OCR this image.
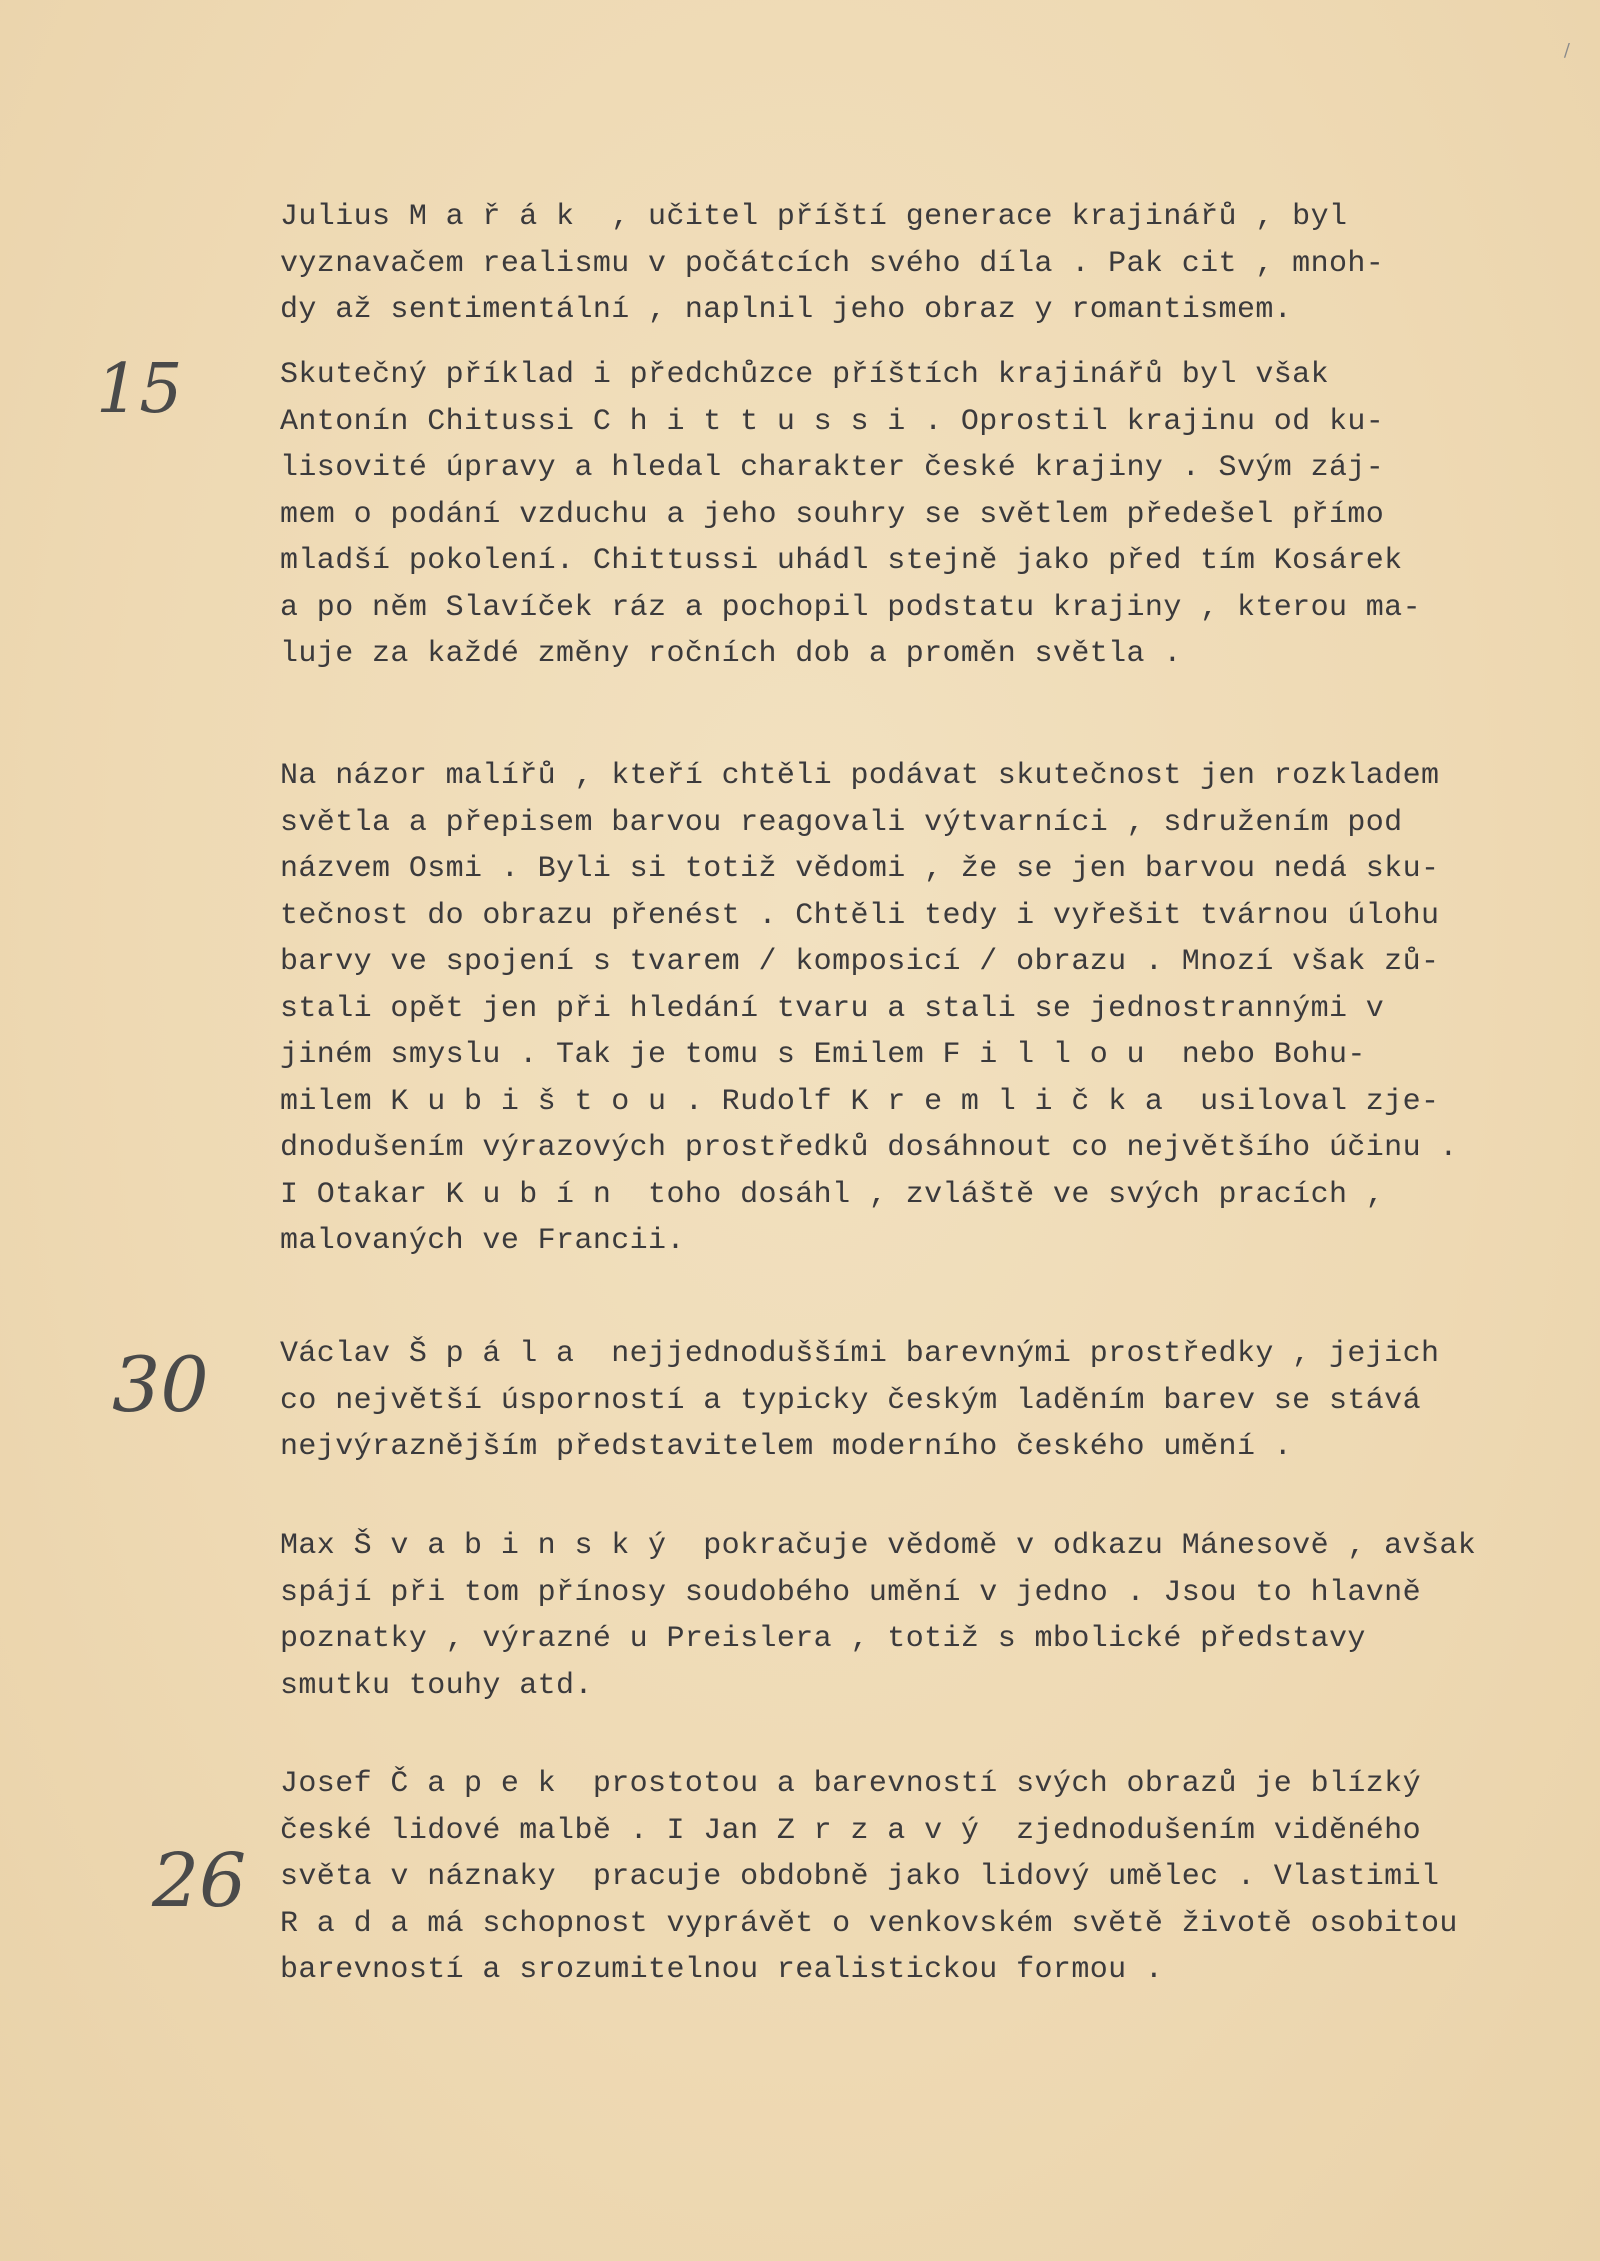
/
Julius M a ř á k  , učitel příští generace krajinářů , byl
vyznavačem realismu v počátcích svého díla . Pak cit , mnoh-
dy až sentimentální , naplnil jeho obraz y romantismem.
Skutečný příklad i předchůzce příštích krajinářů byl však
Antonín Chitussi C h i t t u s s i . Oprostil krajinu od ku-
lisovité úpravy a hledal charakter české krajiny . Svým záj-
mem o podání vzduchu a jeho souhry se světlem předešel přímo
mladší pokolení. Chittussi uhádl stejně jako před tím Kosárek
a po něm Slavíček ráz a pochopil podstatu krajiny , kterou ma-
luje za každé změny ročních dob a proměn světla .
Na názor malířů , kteří chtěli podávat skutečnost jen rozkladem
světla a přepisem barvou reagovali výtvarníci , sdružením pod
názvem Osmi . Byli si totiž vědomi , že se jen barvou nedá sku-
tečnost do obrazu přenést . Chtěli tedy i vyřešit tvárnou úlohu
barvy ve spojení s tvarem / komposicí / obrazu . Mnozí však zů-
stali opět jen při hledání tvaru a stali se jednostrannými v
jiném smyslu . Tak je tomu s Emilem F i l l o u  nebo Bohu-
milem K u b i š t o u . Rudolf K r e m l i č k a  usiloval zje-
dnodušením výrazových prostředků dosáhnout co největšího účinu .
I Otakar K u b í n  toho dosáhl , zvláště ve svých pracích ,
malovaných ve Francii.
Václav Š p á l a  nejjednoduššími barevnými prostředky , jejich
co největší úsporností a typicky českým laděním barev se stává
nejvýraznějším představitelem moderního českého umění .
Max Š v a b i n s k ý  pokračuje vědomě v odkazu Mánesově , avšak
spájí při tom přínosy soudobého umění v jedno . Jsou to hlavně
poznatky , výrazné u Preislera , totiž s mbolické představy
smutku touhy atd.
Josef Č a p e k  prostotou a barevností svých obrazů je blízký
české lidové malbě . I Jan Z r z a v ý  zjednodušením viděného
světa v náznaky  pracuje obdobně jako lidový umělec . Vlastimil
R a d a má schopnost vyprávět o venkovském světě životě osobitou
barevností a srozumitelnou realistickou formou .
15
30
26
